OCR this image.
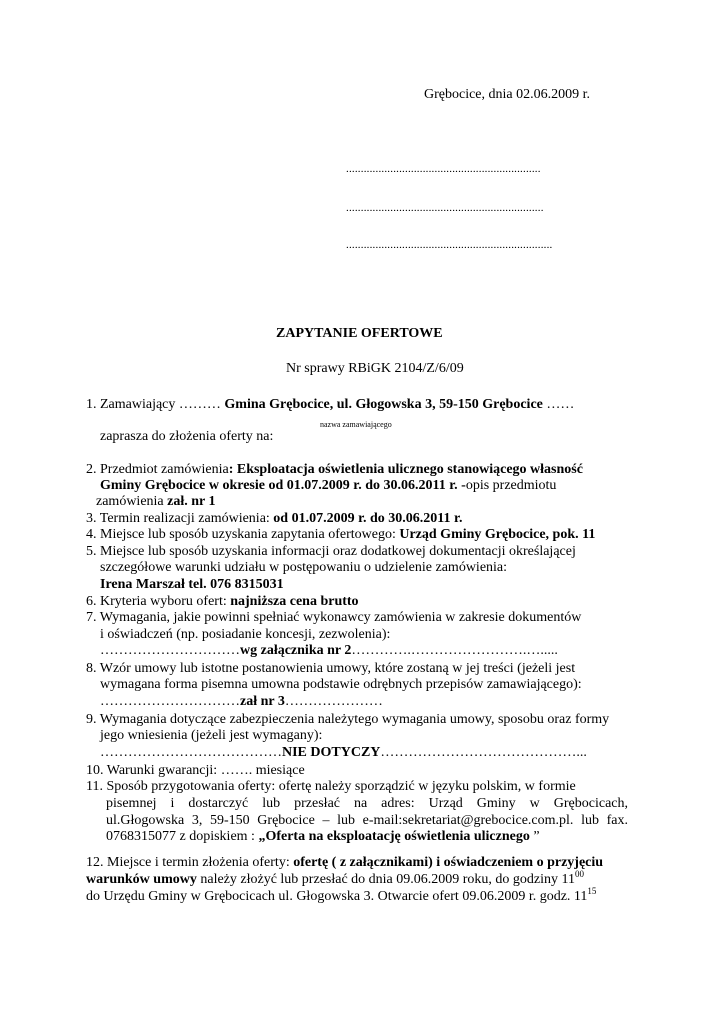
Grębocice, dnia 02.06.2009 r.
..................................................................
...................................................................
......................................................................
ZAPYTANIE OFERTOWE
Nr sprawy RBiGK 2104/Z/6/09
1. Zamawiający ……… Gmina Grębocice, ul. Głogowska 3, 59-150 Grębocice ……
nazwa zamawiającego
zaprasza do złożenia oferty na:
2. Przedmiot zamówienia: Eksploatacja oświetlenia ulicznego stanowiącego własność
Gminy Grębocice w okresie od 01.07.2009 r. do 30.06.2011 r. -opis przedmiotu
zamówienia zał. nr 1
3. Termin realizacji zamówienia: od 01.07.2009 r. do 30.06.2011 r.
4. Miejsce lub sposób uzyskania zapytania ofertowego: Urząd Gminy Grębocice, pok. 11
5. Miejsce lub sposób uzyskania informacji oraz dodatkowej dokumentacji określającej
szczegółowe warunki udziału w postępowaniu o udzielenie zamówienia:
Irena Marszał tel. 076 8315031
6. Kryteria wyboru ofert: najniższa cena brutto
7. Wymagania, jakie powinni spełniać wykonawcy zamówienia w zakresie dokumentów
i oświadczeń (np. posiadanie koncesji, zezwolenia):
…………………………wg załącznika nr 2………….…………………….….....
8. Wzór umowy lub istotne postanowienia umowy, które zostaną w jej treści (jeżeli jest
wymagana forma pisemna umowna podstawie odrębnych przepisów zamawiającego):
…………………………zał nr 3…………………
9. Wymagania dotyczące zabezpieczenia należytego wymagania umowy, sposobu oraz formy
jego wniesienia (jeżeli jest wymagany):
…………………………………NIE DOTYCZY……………………………………...
10. Warunki gwarancji: ……. miesiące
11. Sposób przygotowania oferty: ofertę należy sporządzić w języku polskim, w formie
pisemnej i dostarczyć lub przesłać na adres: Urząd Gminy w Grębocicach,
ul.Głogowska 3, 59-150 Grębocice – lub e-mail:sekretariat@grebocice.com.pl. lub fax.
0768315077 z dopiskiem : „Oferta na eksploatację oświetlenia ulicznego ”
12. Miejsce i termin złożenia oferty: ofertę ( z załącznikami) i oświadczeniem o przyjęciu
warunków umowy należy złożyć lub przesłać do dnia 09.06.2009 roku, do godziny $11^{00}$
do Urzędu Gminy w Grębocicach ul. Głogowska 3. Otwarcie ofert 09.06.2009 r. godz. $11^{15}$
